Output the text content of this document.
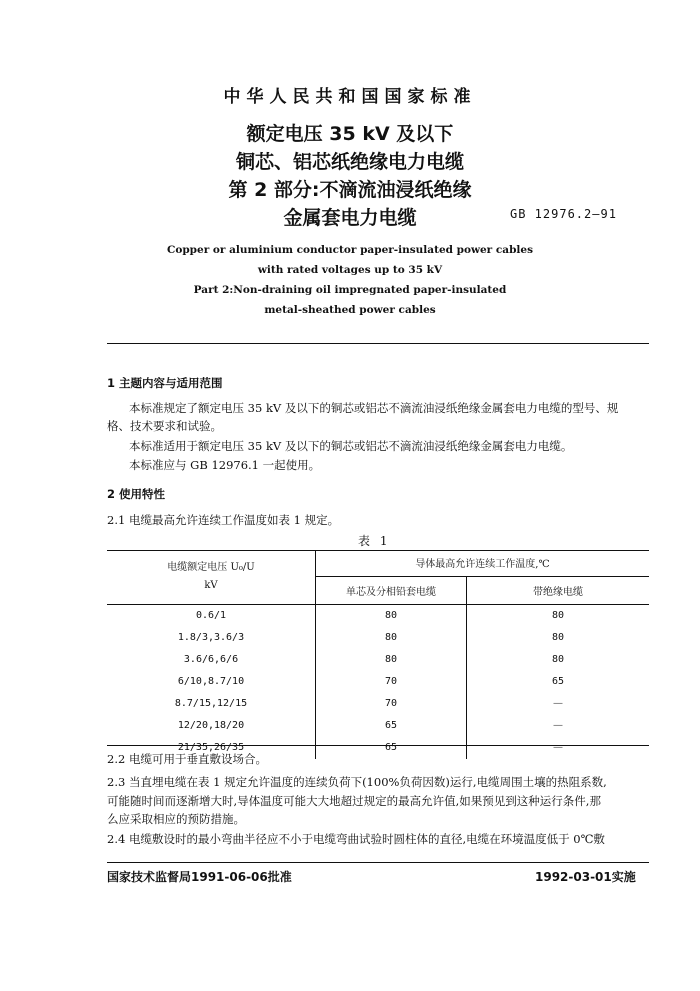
中华人民共和国国家标准
额定电压 35 kV 及以下
铜芯、铝芯纸绝缘电力电缆
第 2 部分:不滴流油浸纸绝缘
金属套电力电缆	GB 12976.2—91
Copper or aluminium conductor paper-insulated power cables
with rated voltages up to 35 kV
Part 2:Non-draining oil impregnated paper-insulated
metal-sheathed power cables
1 主题内容与适用范围
本标准规定了额定电压 35 kV 及以下的铜芯或铝芯不滴流油浸纸绝缘金属套电力电缆的型号、规
格、技术要求和试验。
本标准适用于额定电压 35 kV 及以下的铜芯或铝芯不滴流油浸纸绝缘金属套电力电缆。
本标准应与 GB 12976.1 一起使用。
2 使用特性
2.1 电缆最高允许连续工作温度如表 1 规定。
表 1
电缆额定电压 U₀/U
kV	导体最高允许连续工作温度,℃	
	单芯及分相铅套电缆	带绝缘电缆
0.6/1	80	80
1.8/3,3.6/3	80	80
3.6/6,6/6	80	80
6/10,8.7/10	70	65
8.7/15,12/15	70	—
12/20,18/20	65	—
21/35,26/35	65	—
2.2 电缆可用于垂直敷设场合。
2.3 当直埋电缆在表 1 规定允许温度的连续负荷下(100%负荷因数)运行,电缆周围土壤的热阻系数,
可能随时间而逐渐增大时,导体温度可能大大地超过规定的最高允许值,如果预见到这种运行条件,那
么应采取相应的预防措施。
2.4 电缆敷设时的最小弯曲半径应不小于电缆弯曲试验时圆柱体的直径,电缆在环境温度低于 0℃敷
国家技术监督局1991-06-06批准	1992-03-01实施
